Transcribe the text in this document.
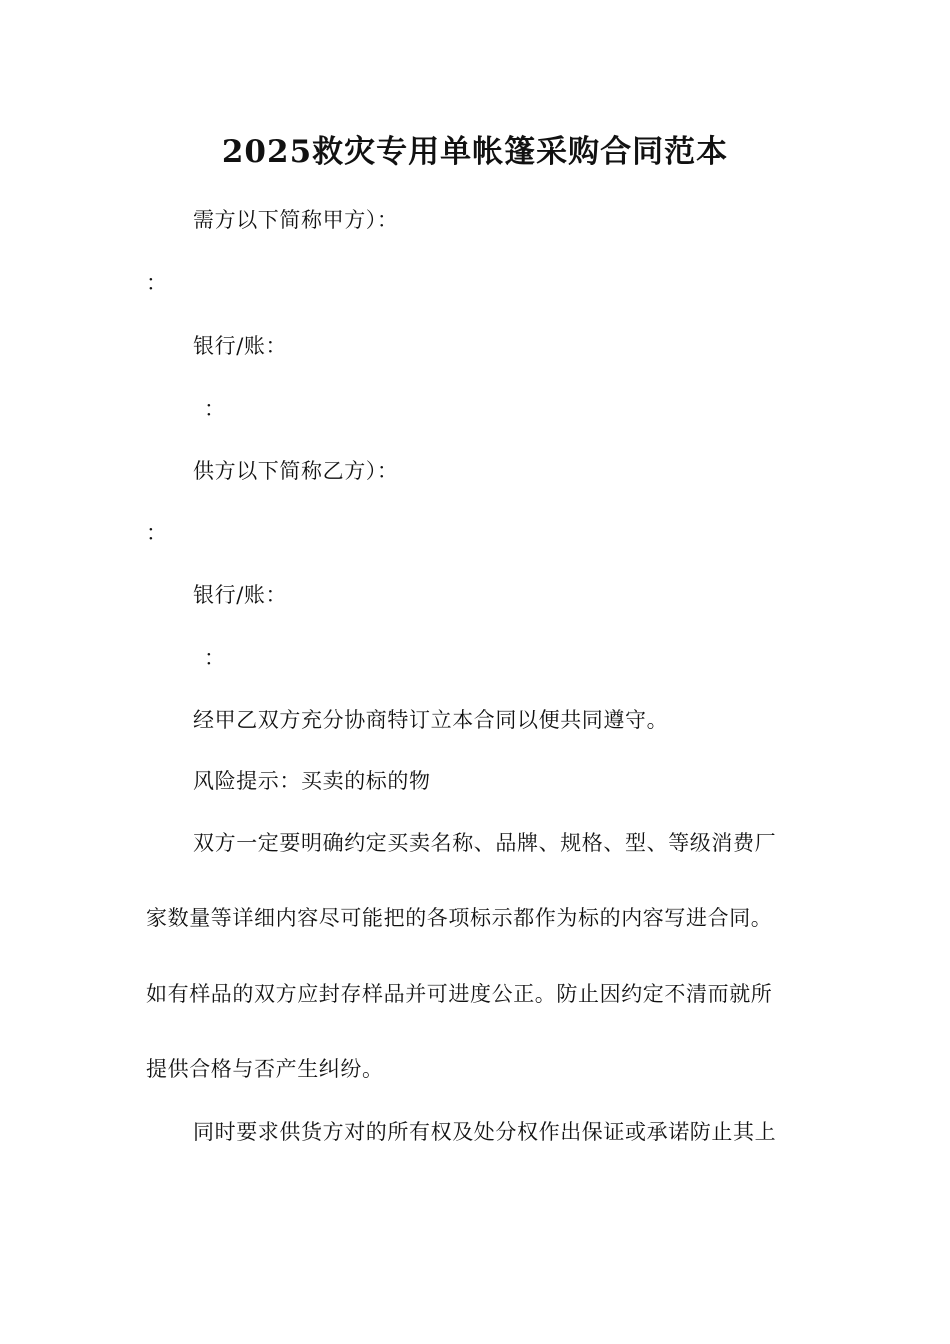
2025救灾专用单帐篷采购合同范本
需方以下简称甲方）：
：
银行/账：
：
供方以下简称乙方）：
：
银行/账：
：
经甲乙双方充分协商特订立本合同以便共同遵守。
风险提示：买卖的标的物
双方一定要明确约定买卖名称、品牌、规格、型、等级消费厂
家数量等详细内容尽可能把的各项标示都作为标的内容写进合同。
如有样品的双方应封存样品并可进度公正。防止因约定不清而就所
提供合格与否产生纠纷。
同时要求供货方对的所有权及处分权作出保证或承诺防止其上
